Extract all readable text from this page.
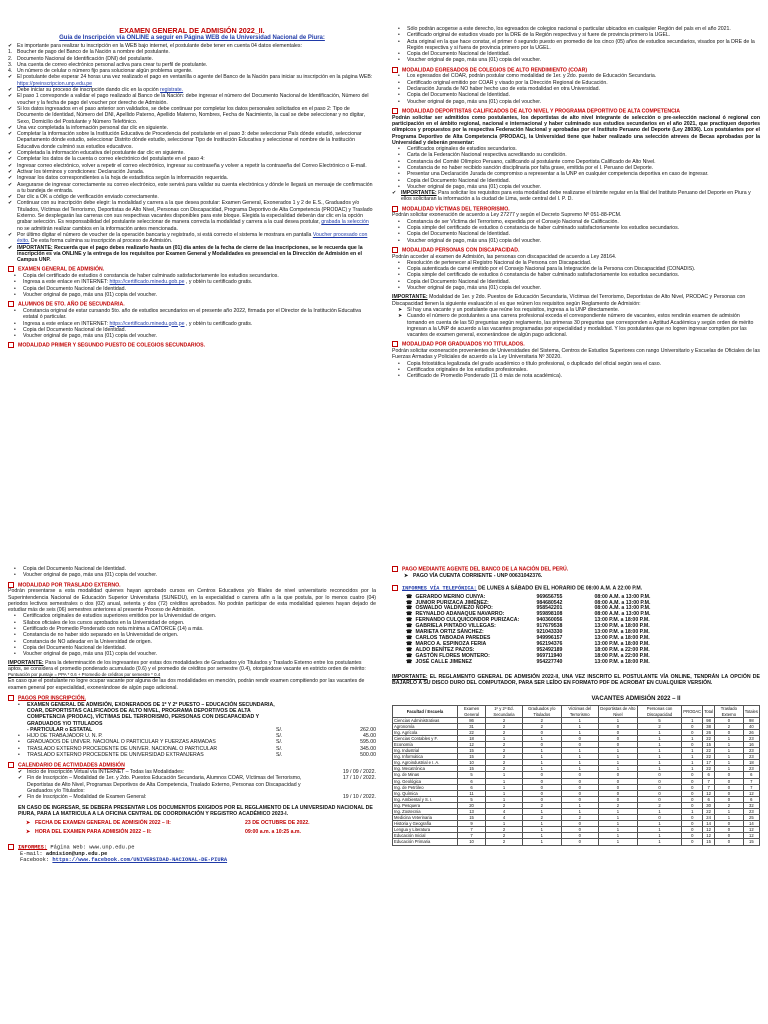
EXAMEN GENERAL DE ADMISIÓN 2022_II.
Guía de Inscripción vía ONLINE a seguir en Página WEB de la Universidad Nacional de Piura:
✔ Es importante para realizar tu inscripción en la WEB bajo internet, el postulante debe tener en cuenta 04 datos elementales:
1. Boucher de pago del Banco de la Nación a nombre del postulante.
2. Documento Nacional de Identificación (DNI) del postulante.
3. Una cuenta de correo electrónico personal activa para crear tu perfil de postulante.
4. Un número de celular o número fijo para solucionar algún problema urgente.
✔ El postulante debe esperar 24 horas una vez realizado el pago en ventanilla o agente del Banco de la Nación para iniciar su inscripción en la página WEB: https://preinscripcion.unp.edu.pe
✔ Debe iniciar su proceso de inscripción dando clic en la opción registrate.
✔ El paso 1 corresponde a validar el pago realizado al Banco de la Nación: debe ingresar el número del Documento Nacional de Identificación, Número del voucher y la fecha de pago del voucher por derecho de Admisión.
✔ Si los datos ingresados en el paso anterior son validados, se debe continuar por completar los datos personales solicitados en el paso 2: Tipo de Documento de Identidad, Número del DNI, Apellido Paterno, Apellido Materno, Nombres, Fecha de Nacimiento, la cual se debe seleccionar y no digitar, Sexo, Domicilio del Postulante y Número Telefónico.
✔ Una vez completada la información personal dar clic en siguiente.
✔ Completar la información sobre la Institución Educativa de Procedencia del postulante en el paso 3: debe seleccionar País dónde estudió, seleccionar Departamento dónde estudio, seleccionar Distrito dónde estudio, seleccionar Tipo de Institución Educativa y seleccionar el nombre de la Institución Educativa donde culminó sus estudios educativos.
✔ Completada la información educativa del postulante dar clic en siguiente.
✔ Completar los datos de la cuenta o correo electrónico del postulante en el paso 4:
✔ Ingresar correo electrónico, volver a repetir el correo electrónico, ingresar su contraseña y volver a repetir la contraseña del Correo Electrónico o E-mail.
✔ Activar los términos y condiciones: Declaración Jurada.
✔ Ingresar los datos correspondientes a la hoja de estadística según la información requerida.
✔ Asegurarse de ingresar correctamente su correo electrónico, este servirá para validar su cuenta electrónica y dónde le llegará un mensaje de confirmación a tu bandeja de entrada.
✔ Dar clic a OK a código de verificación enviado correctamente.
✔ Continuar con su inscripción debe elegir: la modalidad y carrera a la que desea postular: Examen General, Exonerados 1 y 2 de E.S., Graduados y/o Titulados, Víctimas del Terrorismo, Deportistas de Alto Nivel, Personas con Discapacidad, Programa Deportivo de Alta Competencia (PRODAC) y Traslado Externo. Se desplegarán las carreras con sus respectivas vacantes disponibles para este bloque. Elegida la especialidad deberán dar clic en la opción grabar selección. Es responsabilidad del postulante seleccionar de manera correcta la modalidad y carrera a la cual desea postular, grabada la selección no se admitirán realizar cambios en la información antes mencionada.
✔ Por último digitar el número de voucher de la operación bancaria y registrarlo, si está correcto el sistema le mostrara en pantalla Voucher procesado con éxito. De esta forma culmina su inscripción al proceso de Admisión.
✔ IMPORTANTE: Recuerda que el pago debes realizarlo hasta un (01) día antes de la fecha de cierre de las inscripciones, se le recuerda que la inscripción es vía ONLINE y la entrega de los requisitos por Examen General y Modalidades es presencial en la Dirección de Admisión en el Campus UNP.
EXAMEN GENERAL DE ADMISIÓN.
•	Copia del certificado de estudios ó constancia de haber culminado satisfactoriamente los estudios secundarios.
•	Ingresa a este enlace en INTERNET: https://certificado.minedu.gob.pe , y obtén tu certificado gratis.
•	Copia del Documento Nacional de Identidad.
•	Voucher original de pago, más una (01) copia del voucher.
ALUMNOS DE 5TO. AÑO DE SECUNDARIA.
•	Constancia original de estar cursando 5to. año de estudios secundarios en el presente año 2022, firmada por el Director de la Institución Educativa estatal ó particular.
•	Ingresa a este enlace en INTERNET: https://certificado.minedu.gob.pe , y obtén tu certificado gratis.
•	Copia del Documento Nacional de Identidad.
•	Voucher original de pago, más una (01) copia del voucher.
MODALIDAD PRIMER Y SEGUNDO PUESTO DE COLEGIOS SECUNDARIOS.
•	Sólo podrán acogerse a este derecho, los egresados de colegios nacional o particular ubicados en cualquier Región del país en el año 2021.
•	Certificado original de estudios visado por la DRE de la Región respectiva y si fuere de provincia primero la UGEL.
•	Acta original en la que hace constar, el primer ó segundo puesto en promedio de los cinco (05) años de estudios secundarios, visados por la DRE de la Región respectiva y si fuera de provincia primero por la UGEL.
•	Copia del Documento Nacional de Identidad.
•	Voucher original de pago, más una (01) copia del voucher.
MODALIDAD EGRESADOS DE COLEGIOS DE ALTO RENDIMIENTO (COAR)
•	Los egresados del COAR, podrán postular como modalidad de 1er. y 2do. puesto de Educación Secundaria.
•	Certificado original emitido por COAR y visado por la Dirección Regional de Educación.
•	Declaración Jurada de NO haber hecho uso de esta modalidad en otra Universidad.
•	Copia del Documento Nacional de Identidad.
•	Voucher original de pago, más una (01) copia del voucher.
MODALIDAD DEPORTISTAS CALIFICADOS DE ALTO NIVEL Y PROGRAMA DEPORTIVO DE ALTA COMPETENCIA

Podrán solicitar ser admitidos como postulantes, los deportistas de alto nivel integrante de selección o pre-selección nacional ó regional con participación en el ámbito regional, nacional e internacional y haber culminado sus estudios secundarios en el año 2021, que practiquen deportes olímpicos y propuestos por la respectiva Federación Nacional y aprobadas por el Instituto Peruano del Deporte (Ley 28036). Los postulantes por el Programa Deportivo de Alta Competencia (PRODAC), la Universidad tiene que haber realizado una selección atreves de Becas aprobadas por la Universidad y deberán presentar:

•	Certificados originales de estudios secundarios.
•	Carta de la Federación Nacional respectiva acreditando su condición.
•	Constancia del Comité Olímpico Peruano, calificando al postulante como Deportista Calificado de Alto Nivel.
•	Constancia de no haber recibido sanción disciplinaria por falta grave, emitida por el I. Peruano del Deporte.
•	Presentar una Declaración Jurada de compromiso a representar a la UNP en cualquier competencia deportiva en caso de ingresar.
•	Copia del Documento Nacional de Identidad.
•	Voucher original de pago, más una (01) copia del voucher.
✔ IMPORTANTE: Para solicitar los requisitos para esta modalidad debe realizarse el trámite regular en la filial del Instituto Peruano del Deporte en Piura y ellos solicitaran la información a la ciudad de Lima, sede central del I. P. D.
MODALIDAD VÍCTIMAS DEL TERRORISMO.

Podrán solicitar exoneración de acuerdo a Ley 27277 y según el Decreto Supremo Nº 051-88-PCM.

•	Constancia de ser Víctima del Terrorismo, expedida por el Consejo Nacional de Calificación.
•	Copia simple del certificado de estudios ó constancia de haber culminado satisfactoriamente los estudios secundarios.
•	Copia del Documento Nacional de Identidad.
•	Voucher original de pago, más una (01) copia del voucher.
MODALIDAD PERSONAS CON DISCAPACIDAD.

Podrán acceder al examen de Admisión, las personas con discapacidad de acuerdo a Ley 28164.

•	Resolución de pertenecer al Registro Nacional de la Persona con Discapacidad.
•	Copia autenticada de carné emitido por el Consejo Nacional para la Integración de la Persona con Discapacidad (CONADIS).
•	Copia simple del certificado de estudios ó constancia de haber culminado satisfactoriamente los estudios secundarios.
•	Copia del Documento Nacional de Identidad.
•	Voucher original de pago, más una (01) copia del voucher.

IMPORTANTE: Modalidad de 1er. y 2do. Puestos de Educación Secundaria, Víctimas del Terrorismo, Deportistas de Alto Nivel, PRODAC y Personas con Discapacidad tienen la siguiente evaluación sí es que reúnen los requisitos según Reglamento de Admisión:

➤ Si hay una vacante y un postulante que reúne los requisitos, ingresa a la UNP directamente.
➤ Cuando el número de postulantes a una carrera profesional exceda el correspondiente número de vacantes, estos rendirán examen de admisión tomando en cuenta de las 50 preguntas según reglamento, las primeras 30 preguntas que corresponden a Aptitud Académica y según orden de mérito ingresan a la UNP de acuerdo a las vacantes programadas por especialidad y modalidad. Y los postulantes que no logren ingresar compiten por las vacantes de examen general, exonerándose de algún pago adicional.
MODALIDAD POR GRADUADOS Y/O TITULADOS.

Podrán solicitar exoneración provenientes de Universidades del Sistema, Centros de Estudios Superiores con rango Universitario y Escuelas de Oficiales de las Fuerzas Armadas y Policiales de acuerdo a la Ley Universitaria Nº 30220.

•	Copia fotostática legalizada del grado académico o título profesional, o duplicado del oficial según sea el caso.
•	Certificados originales de los estudios profesionales.
•	Certificado de Promedio Ponderado (11 ó más de nota académica).
•	Copia del Documento Nacional de Identidad.
•	Voucher original de pago, más una (01) copia del voucher.
MODALIDAD POR TRASLADO EXTERNO.

Podrán presentarse a esta modalidad quienes hayan aprobado cursos en Centros Educativos y/o filiales de nivel universitario reconocidos por la Superintendencia Nacional de Educación Superior Universitaria (SUNEDU), en la especialidad o carrera afín a la que postula, por lo menos cuatro (04) periodos lectivos semestrales o dos (02) anual, setenta y dos (72) créditos aprobados. No podrán participar de esta modalidad quienes hayan dejado de estudiar más de seis (06) semestres anteriores al presente Proceso de Admisión.

•	Certificados originales de estudios superiores emitidos por la Universidad de origen.
•	Sílabos oficiales de los cursos aprobados en la Universidad de origen.
•	Certificado de Promedio Ponderado con nota mínima a CATORCE (14) a más.
•	Constancia de no haber sido separado en la Universidad de origen.
•	Constancia de NO adeudar en la Universidad de origen.
•	Copia del Documento Nacional de Identidad.
•	Voucher original de pago, más una (01) copia del voucher.

IMPORTANTE: Para la determinación de los ingresantes por estas dos modalidades de Graduados y/o Titulados y Traslado Externo entre los postulantes aptos, se considera el promedio ponderado acumulado (0.6) y el promedio de créditos por semestre (0.4), otorgándose vacante en estricto orden de mérito: Puntuación por puntaje = PPA * 0.6 + Promedio de créditos por semestre * 0.4

En caso que el postulante no logre ocupar vacante por alguna de las dos modalidades en mención, podrán rendir examen compitiendo por las vacantes de examen general por especialidad, exonerándose de algún pago adicional.

PAGOS POR INSCRIPCIÓN.
•	EXAMEN GENERAL DE ADMISIÓN, EXONERADOS DE 1º Y 2º PUESTO – EDUCACIÓN SECUNDARIA, COAR, DEPORTISTAS CALIFICADOS DE ALTO NIVEL, PROGRAMA DEPORTIVOS DE ALTA COMPETENCIA (PRODAC), VÍCTIMAS DEL TERRORISMO, PERSONAS CON DISCAPACIDAD Y GRADUADOS Y/O TITULADOS
- PARTICULAR o ESTATAL	S/.	262.00
•	HIJO DE TRABAJADOR U. N. P.	S/.	45.00
•	GRADUADOS DE UNIVER. NACIONAL O PARTICULAR Y FUERZAS ARMADAS	S/.	595.00
•	TRASLADO EXTERNO PROCEDENTE DE UNIVER. NACIONAL O PARTICULAR	S/.	345.00
•	TRASLADO EXTERNO PROCEDENTE DE UNIVERSIDAD EXTRANJERAS	S/.	500.00
CALENDARIO DE ACTIVIDADES ADMISIÓN
✔ Inicio de Inscripción Virtual vía INTERNET – Todas las Modalidades:	19 / 09 / 2022.
✔ Fin de Inscripción – Modalidad de 1er. y 2do. Puestos Educación Secundaria, Alumnos COAR, Víctimas del Terrorismo, Deportistas de Alto Nivel, Programas Deportivos de Alta Competencia, Traslado Externo, Personas con Discapacidad y Graduados y/o Titulados:
17 / 10 / 2022.
✔ Fin de Inscripción – Modalidad de Examen General:	19 / 10 / 2022.

EN CASO DE INGRESAR, SE DEBERA PRESENTAR LOS DOCUMENTOS EXIGIDOS POR EL REGLAMENTO DE LA UNIVERSIDAD NACIONAL DE PIURA, PARA LA MATRICULA A LA OFICINA CENTRAL DE COORDINACIÓN Y REGISTRO ACADÉMICO 2023-I.

➤ FECHA DE EXAMEN GENERAL DE ADMISIÓN 2022 – II:	23 DE OCTUBRE DE 2022.
➤ HORA DEL EXAMEN PARA ADMISIÓN 2022 – II:	09:00 a.m. a 10:25 a.m.
INFORMES: Página Web: www.unp.edu.pe
E-mail: admision@unp.edu.pe
Facebook: https://www.facebook.com/UNIVERSIDAD-NACIONAL-DE-PIURA
PAGO MEDIANTE AGENTE DEL BANCO DE LA NACIÓN DEL PERÚ.
➤ PAGO VÍA CUENTA CORRIENTE - UNP 00631042376.
INFORMES VÍA TELEFÓNICA: DE LUNES A SÁBADO EN EL HORARIO DE 08:00 A.M. A 22:00 P.M.
☎	GERARDO MERINO CUNYA:	969656755	08:00 A.M. a 13:00 P.M.
☎	JUNIOR PURIZACA JIMÉNEZ:	984680542	08:00 A.M. a 13:00 P.M.
☎	OSWALDO VALDIVIEZO ÑOPO:	958542201	08:00 A.M. a 13:00 P.M.
☎	REYNALDO ADANAQUE NAVARRO:	959898108	08:00 A.M. a 13:00 P.M.
☎	FERNANDO CULQUICONDOR PURIZACA:	940360056	13:00 P.M. a 18:00 P.M.
☎	GABRIELA PINTADO VILLEGAS:	917679538	13:00 P.M. a 18:00 P.M.
☎	MARIETA ORTIZ SÁNCHEZ:	921043330	13:00 P.M. a 18:00 P.M.
☎	CARLOS TABOADA PAREDES	949996157	13:00 P.M. a 18:00 P.M.
☎	MARCO A. ESPINOZA FERIA	962194376	13:00 P.M. a 18:00 P.M.
☎	ALDO BENÍTEZ PAZOS:	952492189	18:00 P.M. a 22:00 P.M.
☎	GASTÓN FLORES MONTERO:	969711940	18:00 P.M. a 22:00 P.M.
☎	JOSÉ CALLE JIMENEZ	954227740	13:00 P.M. a 18:00 P.M.

IMPORTANTE: EL REGLAMENTO GENERAL DE ADMISIÓN 2022-II, UNA VEZ INSCRITO EL POSTULANTE VÍA ONLINE, TENDRÁN LA OPCIÓN DE BAJARLO A SU DISCO DURO DEL COMPUTADOR, PARA SER LEÍDO EN FORMATO PDF DE ACROBAT EN CUALQUIER VERSIÓN.

VACANTES ADMISIÓN 2022 – II
Facultad / Escuela	Examen General	1º y 2º Ed. Secundaria	Graduados y/o Titulados	Víctimas del Terrorismo	Deportistas de Alto Nivel	Personas con Discapacidad	PRODAC	Total	Traslado Externo	Totales
Ciencias Administrativas	86	2	2	1	1	5	1	98	0	98
Agronomía	31	2	2	1	0	2	0	38	2	40
Ing. Agrícola	22	2	0	1	0	1	0	26	0	26
Ciencias Contables y F.	18	1	1	0	0	1	1	22	1	23
Economía	12	2	0	0	0	1	0	15	1	16
Ing. Industrial	15	2	1	1	1	1	1	22	1	23
Ing. Informática	15	2	1	1	1	1	1	22	1	23
Ing. Agroindustrial e I. A.	10	2	1	1	1	1	1	17	1	18
Ing. Mecatrónica	15	2	1	1	1	1	1	22	1	23
Ing. de Minas	5	1	0	0	0	0	0	6	0	6
Ing. Geológica	6	1	0	0	0	0	0	7	0	7
Ing. de Petróleo	6	1	0	0	0	0	0	7	0	7
Ing. Química	11	1	0	0	0	0	0	12	0	12
Ing. Ambiental y S. I.	5	1	0	0	0	0	0	6	0	6
Ing. Pesquera	20	2	2	1	2	2	0	30	2	32
Ing. Zootecnia	13	4	1	1	1	1	1	22	1	23
Medicina Veterinaria	15	4	2	2	1	0	0	24	1	25
Historia y Geografía	9	1	1	0	1	1	0	14	0	14
Lengua y Literatura	7	2	1	0	1	1	0	12	0	12
Educación Inicial	7	2	1	0	1	1	0	12	0	12
Educación Primaria	10	2	1	0	1	1	0	15	0	15
